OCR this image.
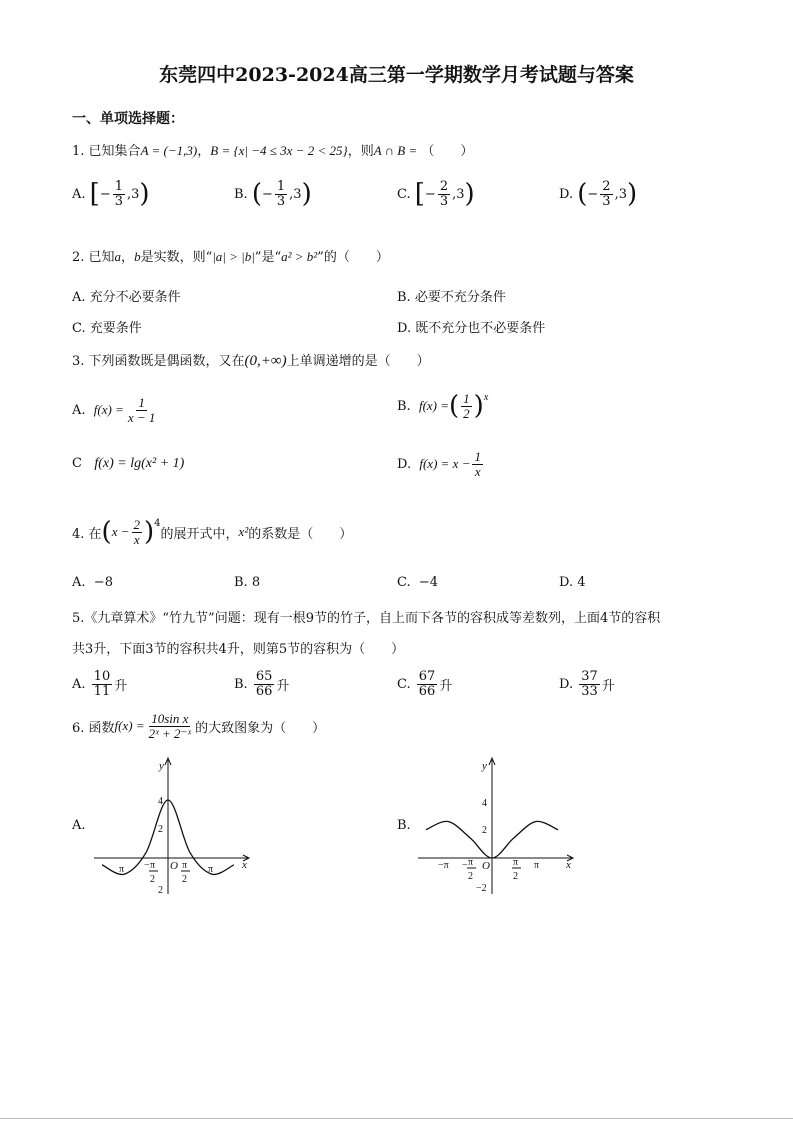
东莞四中2023-2024高三第一学期数学月考试题与答案
一、单项选择题：
1. 已知集合A = (−1,3)，B = {x| −4 ≤ 3x − 2 < 25}，则A ∩ B = （　　）
A.
[ − $\frac{1}{3} ,3$ )	B.
( − $\frac{1}{3} ,3$ )	C.
[ − $\frac{2}{3} ,3$ )	D.
( − $\frac{2}{3} ,3$ )
2. 已知a，b是实数，则“|a| > |b|”是“a² > b²”的（　　）
A. 充分不必要条件	B. 必要不充分条件
C. 充要条件	D. 既不充分也不必要条件
3. 下列函数既是偶函数，又在(0,+∞)上单调递增的是（　　）
A.
$f(x) = \frac{1}{x - 1}$	B.
f(x) = ( $\frac{1}{2} )^x$
C f(x) = lg(x² + 1)	D.
$f(x) = x - \frac{1}{x}$
4. 在 ( $x - \frac{2}{x} )^4$
的展开式中， x² 的系数是（　　）
A. −8	B. 8	C. −4	D. 4
5.《九章算术》“竹九节”问题：现有一根9节的竹子，自上而下各节的容积成等差数列，上面4节的容积
共3升，下面3节的容积共4升，则第5节的容积为（　　）
A.
$\frac{10}{11}$ 升	B.
$\frac{65}{66}$ 升	C.
$\frac{67}{66}$ 升	D.
$\frac{37}{33}$ 升
6. 函数 $f(x) = \frac{\text{10sin x}}{\text{2ˣ + 2⁻ˣ}}$ 的大致图象为（　　）
A.	B.
y
x
4
2
2
O
π − π
2
π
2
π
y
x
4
2
−2
O
−π − π
2
π
2
π
